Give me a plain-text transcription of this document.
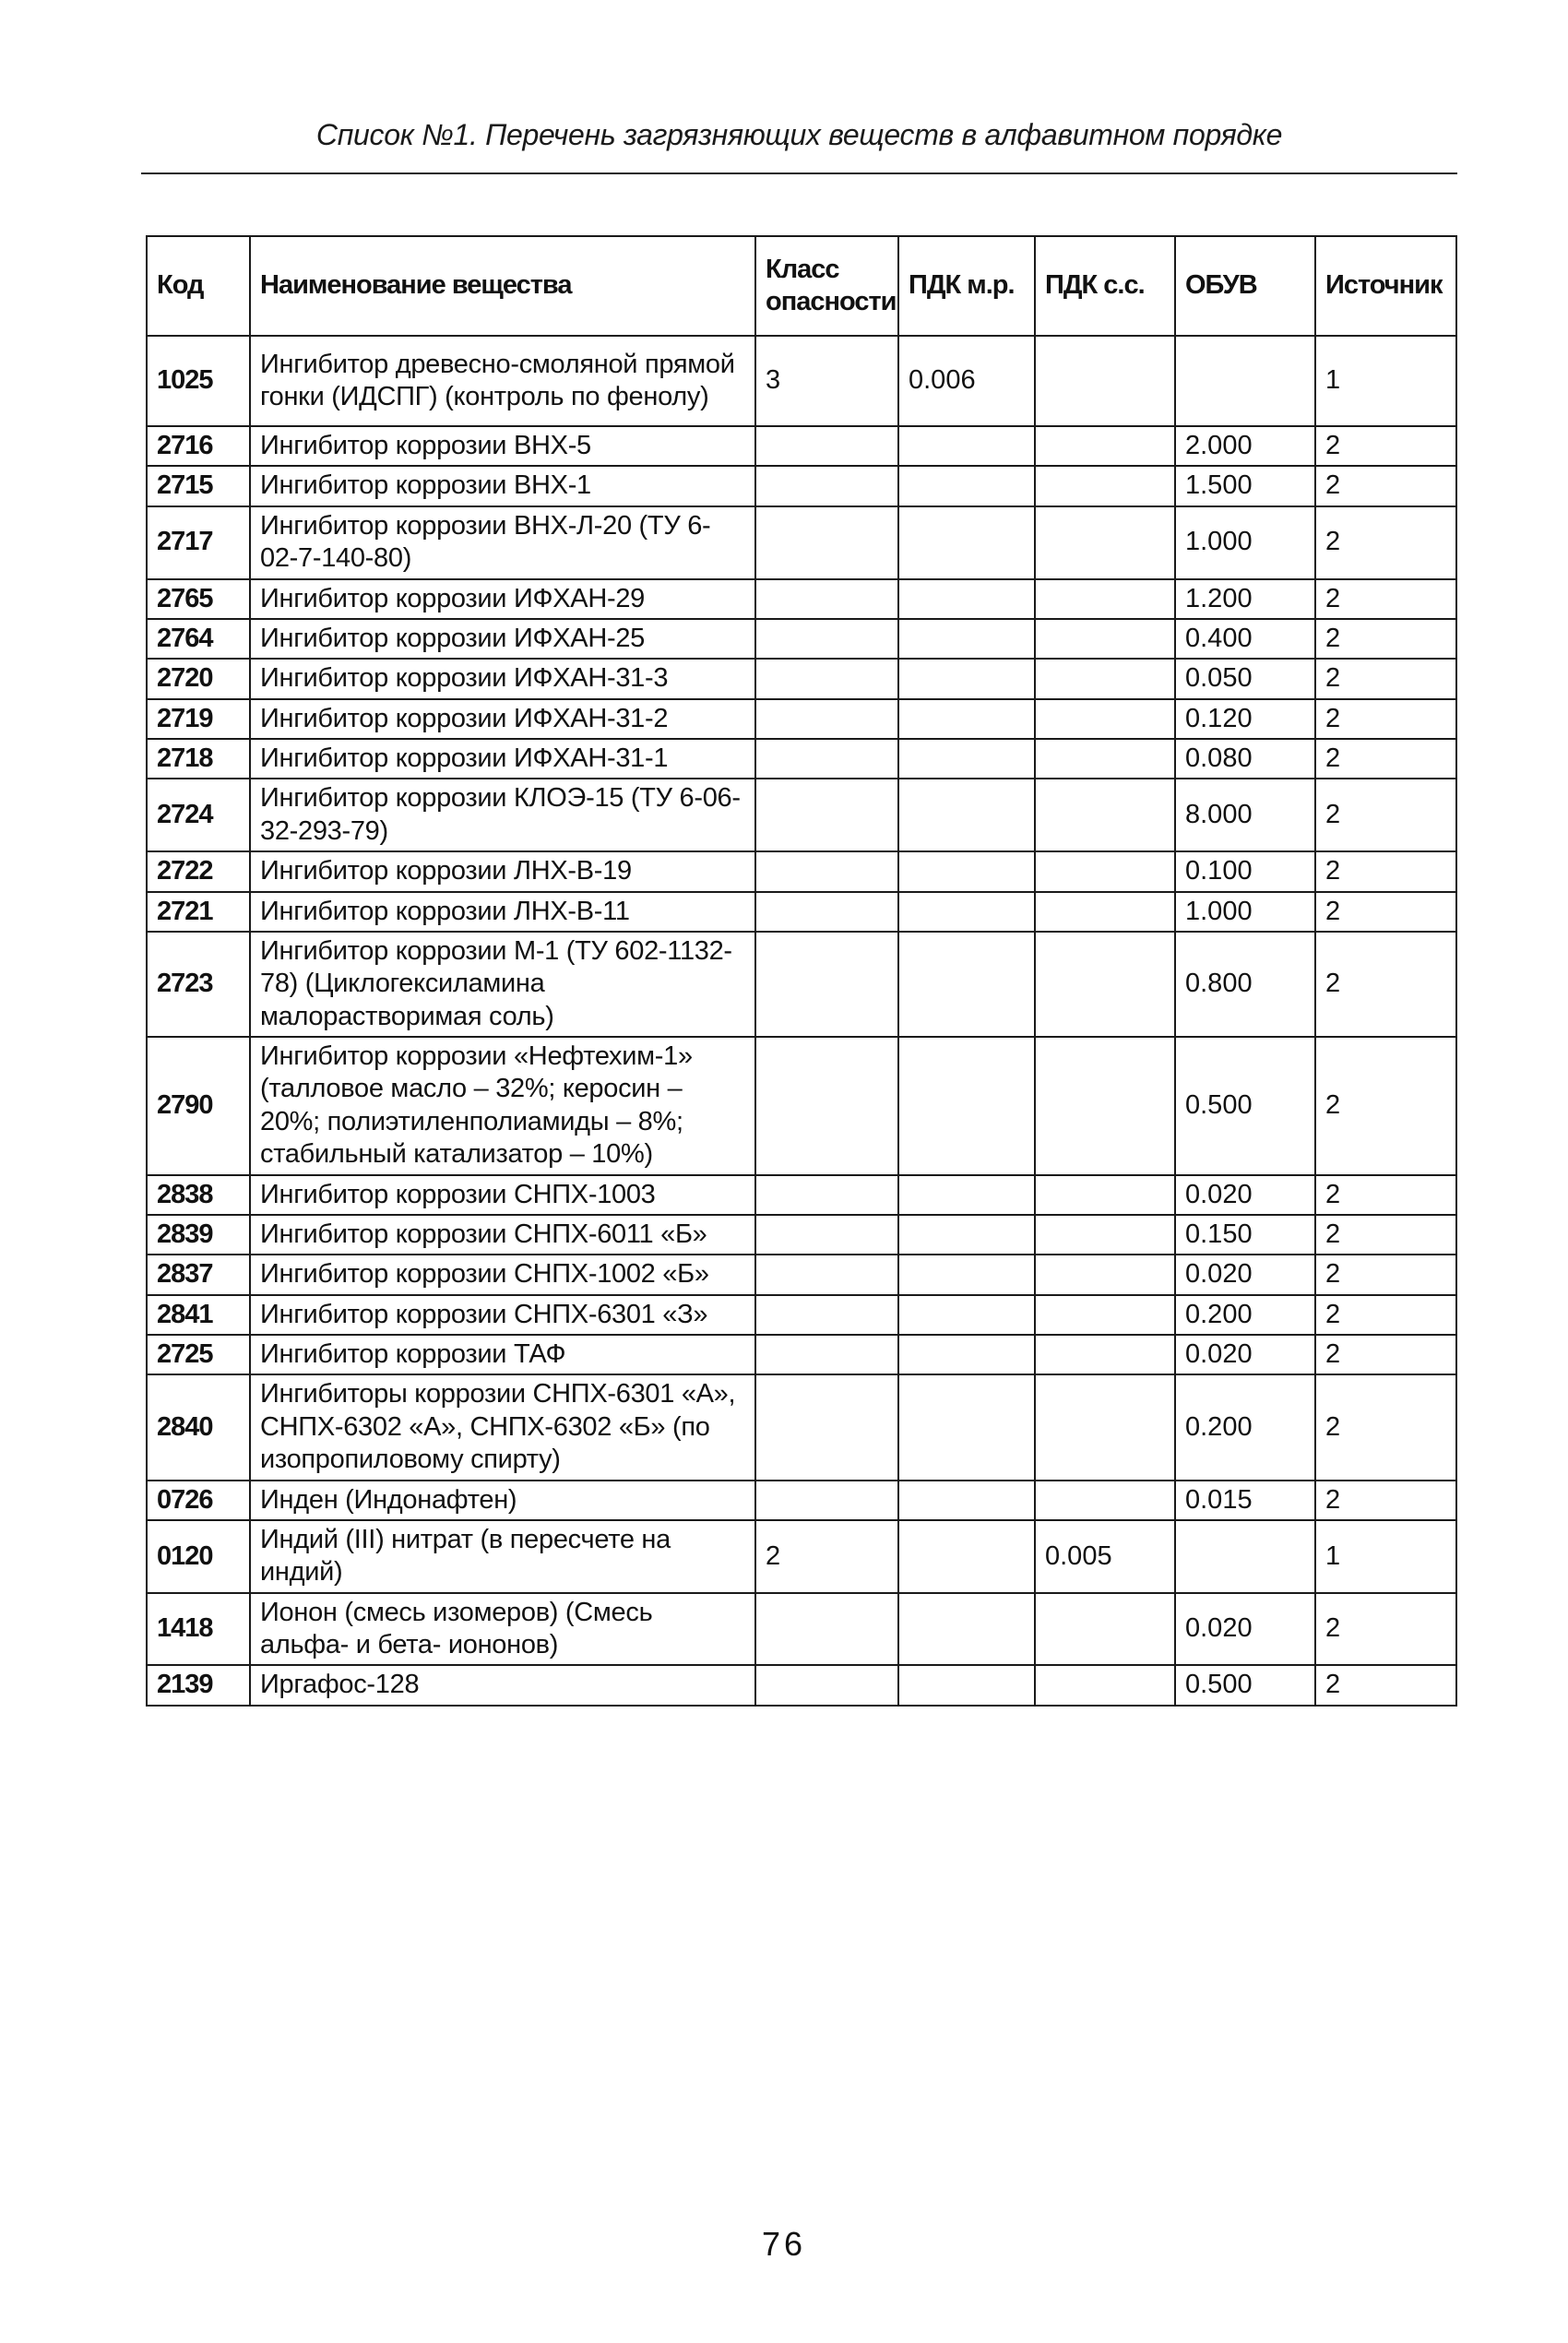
Список №1. Перечень загрязняющих веществ в алфавитном порядке
Код	Наименование вещества	Класс опасности	ПДК м.р.	ПДК с.с.	ОБУВ	Источник
1025	Ингибитор древесно-смоляной прямой гонки (ИДСПГ) (контроль по фенолу)	3	0.006			1
2716	Ингибитор коррозии ВНХ-5				2.000	2
2715	Ингибитор коррозии ВНХ-1				1.500	2
2717	Ингибитор коррозии ВНХ-Л-20 (ТУ 6-02-7-140-80)				1.000	2
2765	Ингибитор коррозии ИФХАН-29				1.200	2
2764	Ингибитор коррозии ИФХАН-25				0.400	2
2720	Ингибитор коррозии ИФХАН-31-3				0.050	2
2719	Ингибитор коррозии ИФХАН-31-2				0.120	2
2718	Ингибитор коррозии ИФХАН-31-1				0.080	2
2724	Ингибитор коррозии КЛОЭ-15 (ТУ 6-06-32-293-79)				8.000	2
2722	Ингибитор коррозии ЛНХ-В-19				0.100	2
2721	Ингибитор коррозии ЛНХ-В-11				1.000	2
2723	Ингибитор коррозии М-1 (ТУ 602-1132-78) (Циклогексиламина малорастворимая соль)				0.800	2
2790	Ингибитор коррозии «Нефтехим-1» (талловое масло – 32%; керосин – 20%; полиэтиленполиамиды – 8%; стабильный катализатор – 10%)				0.500	2
2838	Ингибитор коррозии СНПХ-1003				0.020	2
2839	Ингибитор коррозии СНПХ-6011 «Б»				0.150	2
2837	Ингибитор коррозии СНПХ-1002 «Б»				0.020	2
2841	Ингибитор коррозии СНПХ-6301 «З»				0.200	2
2725	Ингибитор коррозии ТАФ				0.020	2
2840	Ингибиторы коррозии СНПХ-6301 «А», СНПХ-6302 «А», СНПХ-6302 «Б» (по изопропиловому спирту)				0.200	2
0726	Инден (Индонафтен)				0.015	2
0120	Индий (III) нитрат (в пересчете на индий)	2		0.005		1
1418	Ионон (смесь изомеров) (Смесь альфа- и бета- иононов)				0.020	2
2139	Иргафос-128				0.500	2
76
